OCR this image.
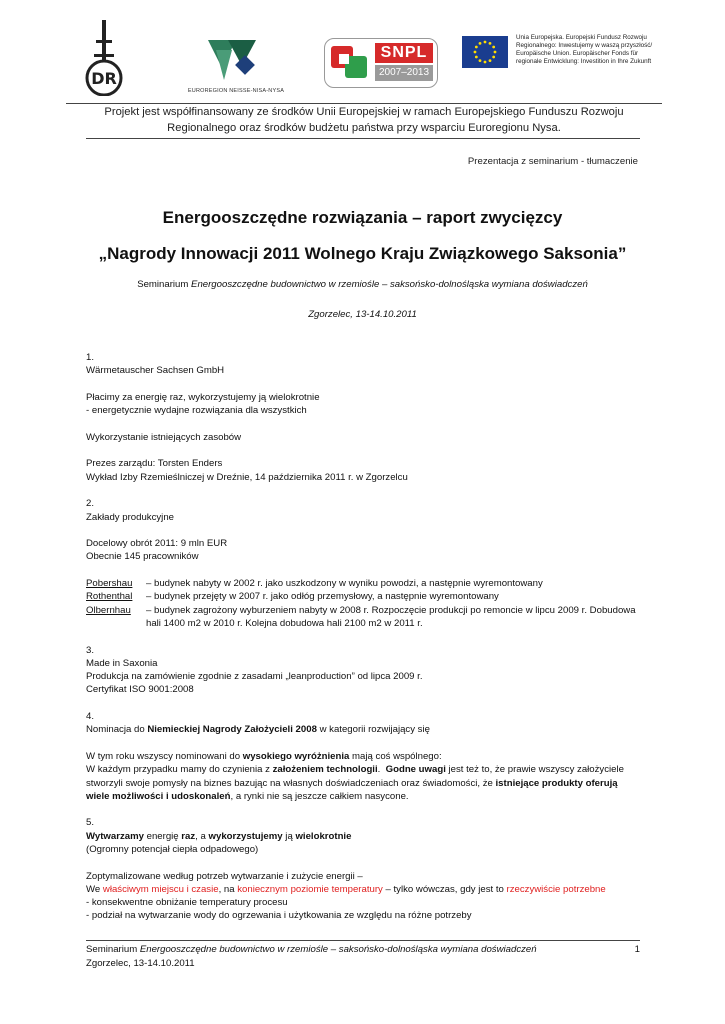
DR
EUROREGION NEISSE-NISA-NYSA
SNPL
2007–2013
Unia Europejska. Europejski Fundusz Rozwoju
Regionalnego: Inwestujemy w waszą przyszłość/
Europäische Union. Europäischer Fonds für
regionale Entwicklung: Investition in Ihre Zukunft
Projekt jest współfinansowany ze środków Unii Europejskiej w ramach Europejskiego Funduszu Rozwoju
Regionalnego oraz środków budżetu państwa przy wsparciu Euroregionu Nysa.
Prezentacja z seminarium - tłumaczenie
Energooszczędne rozwiązania – raport zwycięzcy
„Nagrody Innowacji 2011 Wolnego Kraju Związkowego Saksonia”
Seminarium Energooszczędne budownictwo w rzemiośle – saksońsko-dolnośląska wymiana doświadczeń
Zgorzelec, 13-14.10.2011

1.

Wärmetauscher Sachsen GmbH

Płacimy za energię raz, wykorzystujemy ją wielokrotnie

- energetycznie wydajne rozwiązania dla wszystkich

Wykorzystanie istniejących zasobów

Prezes zarządu: Torsten Enders

Wykład Izby Rzemieślniczej w Dreźnie, 14 października 2011 r. w Zgorzelcu

2.

Zakłady produkcyjne

Docelowy obrót 2011: 9 mln EUR

Obecnie 145 pracowników

Pobershau	– budynek nabyty w 2002 r. jako uszkodzony w wyniku powodzi, a następnie wyremontowany
Rothenthal	– budynek przejęty w 2007 r. jako odłóg przemysłowy, a następnie wyremontowany
Olbernhau	– budynek zagrożony wyburzeniem nabyty w 2008 r. Rozpoczęcie produkcji po remoncie w lipcu 2009 r. Dobudowa hali 1400 m2 w 2010 r. Kolejna dobudowa hali 2100 m2 w 2011 r.

3.

Made in Saxonia

Produkcja na zamówienie zgodnie z zasadami „leanproduction” od lipca 2009 r.

Certyfikat ISO 9001:2008

4.

Nominacja do Niemieckiej Nagrody Założycieli 2008 w kategorii rozwijający się

W tym roku wszyscy nominowani do wysokiego wyróżnienia mają coś wspólnego:

W każdym przypadku mamy do czynienia z założeniem technologii.  Godne uwagi jest też to, że prawie wszyscy założyciele

stworzyli swoje pomysły na biznes bazując na własnych doświadczeniach oraz świadomości, że istniejące produkty oferują

wiele możliwości i udoskonaleń, a rynki nie są jeszcze całkiem nasycone.

5.

Wytwarzamy energię raz, a wykorzystujemy ją wielokrotnie

(Ogromny potencjał ciepła odpadowego)

Zoptymalizowane według potrzeb wytwarzanie i zużycie energii –

We właściwym miejscu i czasie, na koniecznym poziomie temperatury – tylko wówczas, gdy jest to rzeczywiście potrzebne

- konsekwentne obniżanie temperatury procesu

- podział na wytwarzanie wody do ogrzewania i użytkowania ze względu na różne potrzeby

Seminarium Energooszczędne budownictwo w rzemiośle – saksońsko-dolnośląska wymiana doświadczeń
Zgorzelec, 13-14.10.2011
1
